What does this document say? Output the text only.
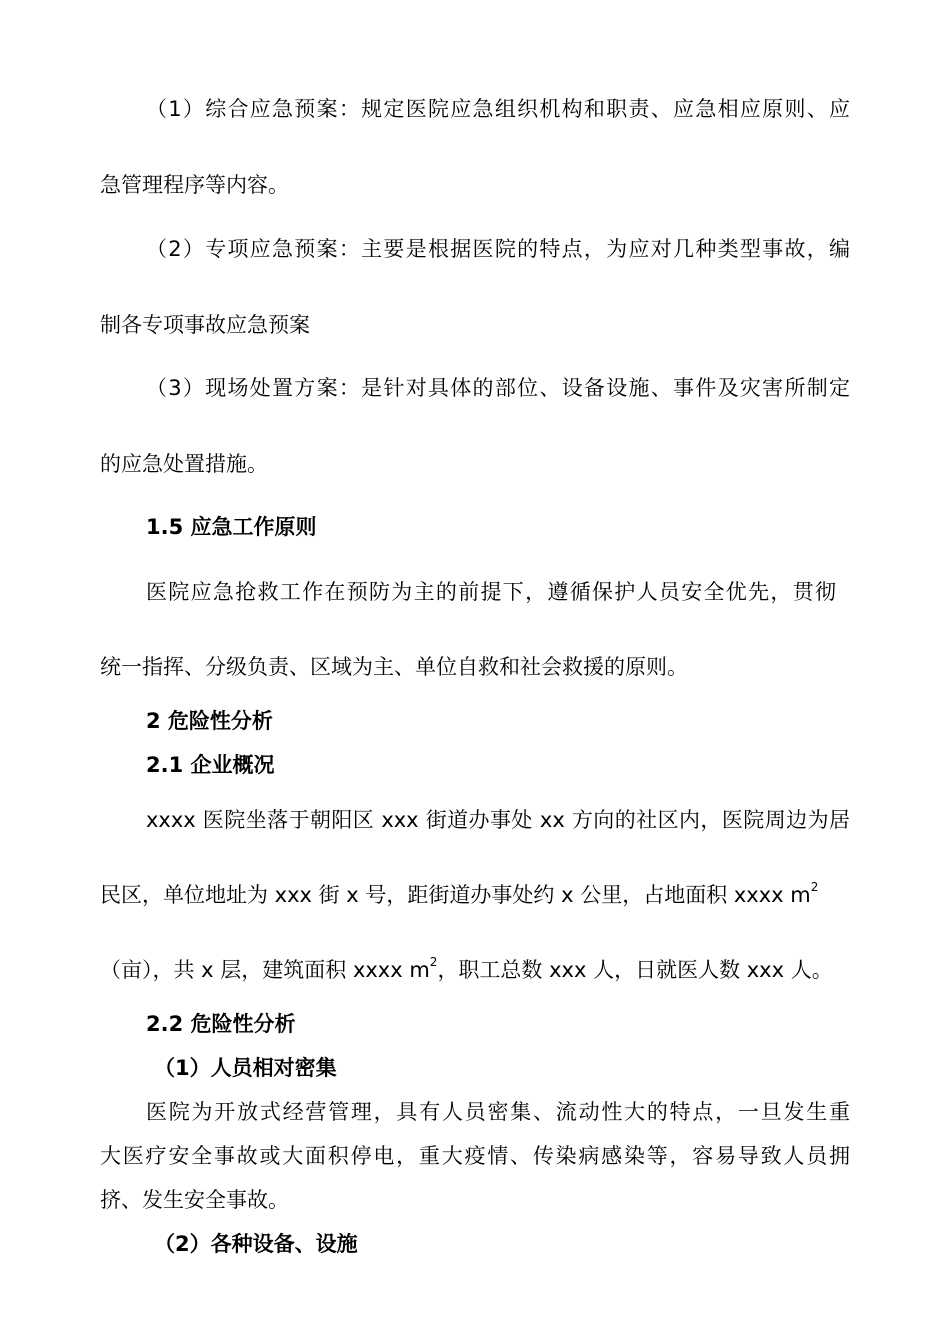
（1）综合应急预案：规定医院应急组织机构和职责、应急相应原则、应
急管理程序等内容。
（2）专项应急预案：主要是根据医院的特点，为应对几种类型事故，编
制各专项事故应急预案
（3）现场处置方案：是针对具体的部位、设备设施、事件及灾害所制定
的应急处置措施。
1.5 应急工作原则
医院应急抢救工作在预防为主的前提下，遵循保护人员安全优先，贯彻
统一指挥、分级负责、区域为主、单位自救和社会救援的原则。
2 危险性分析
2.1 企业概况
xxxx 医院坐落于朝阳区 xxx 街道办事处 xx 方向的社区内，医院周边为居
民区，单位地址为 xxx 街 x 号，距街道办事处约 x 公里，占地面积 xxxx $m^2$
（亩），共 x 层，建筑面积 xxxx $m^2$，职工总数 xxx 人，日就医人数 xxx 人。
2.2 危险性分析
（1）人员相对密集
医院为开放式经营管理，具有人员密集、流动性大的特点，一旦发生重
大医疗安全事故或大面积停电，重大疫情、传染病感染等，容易导致人员拥
挤、发生安全事故。
（2）各种设备、设施
